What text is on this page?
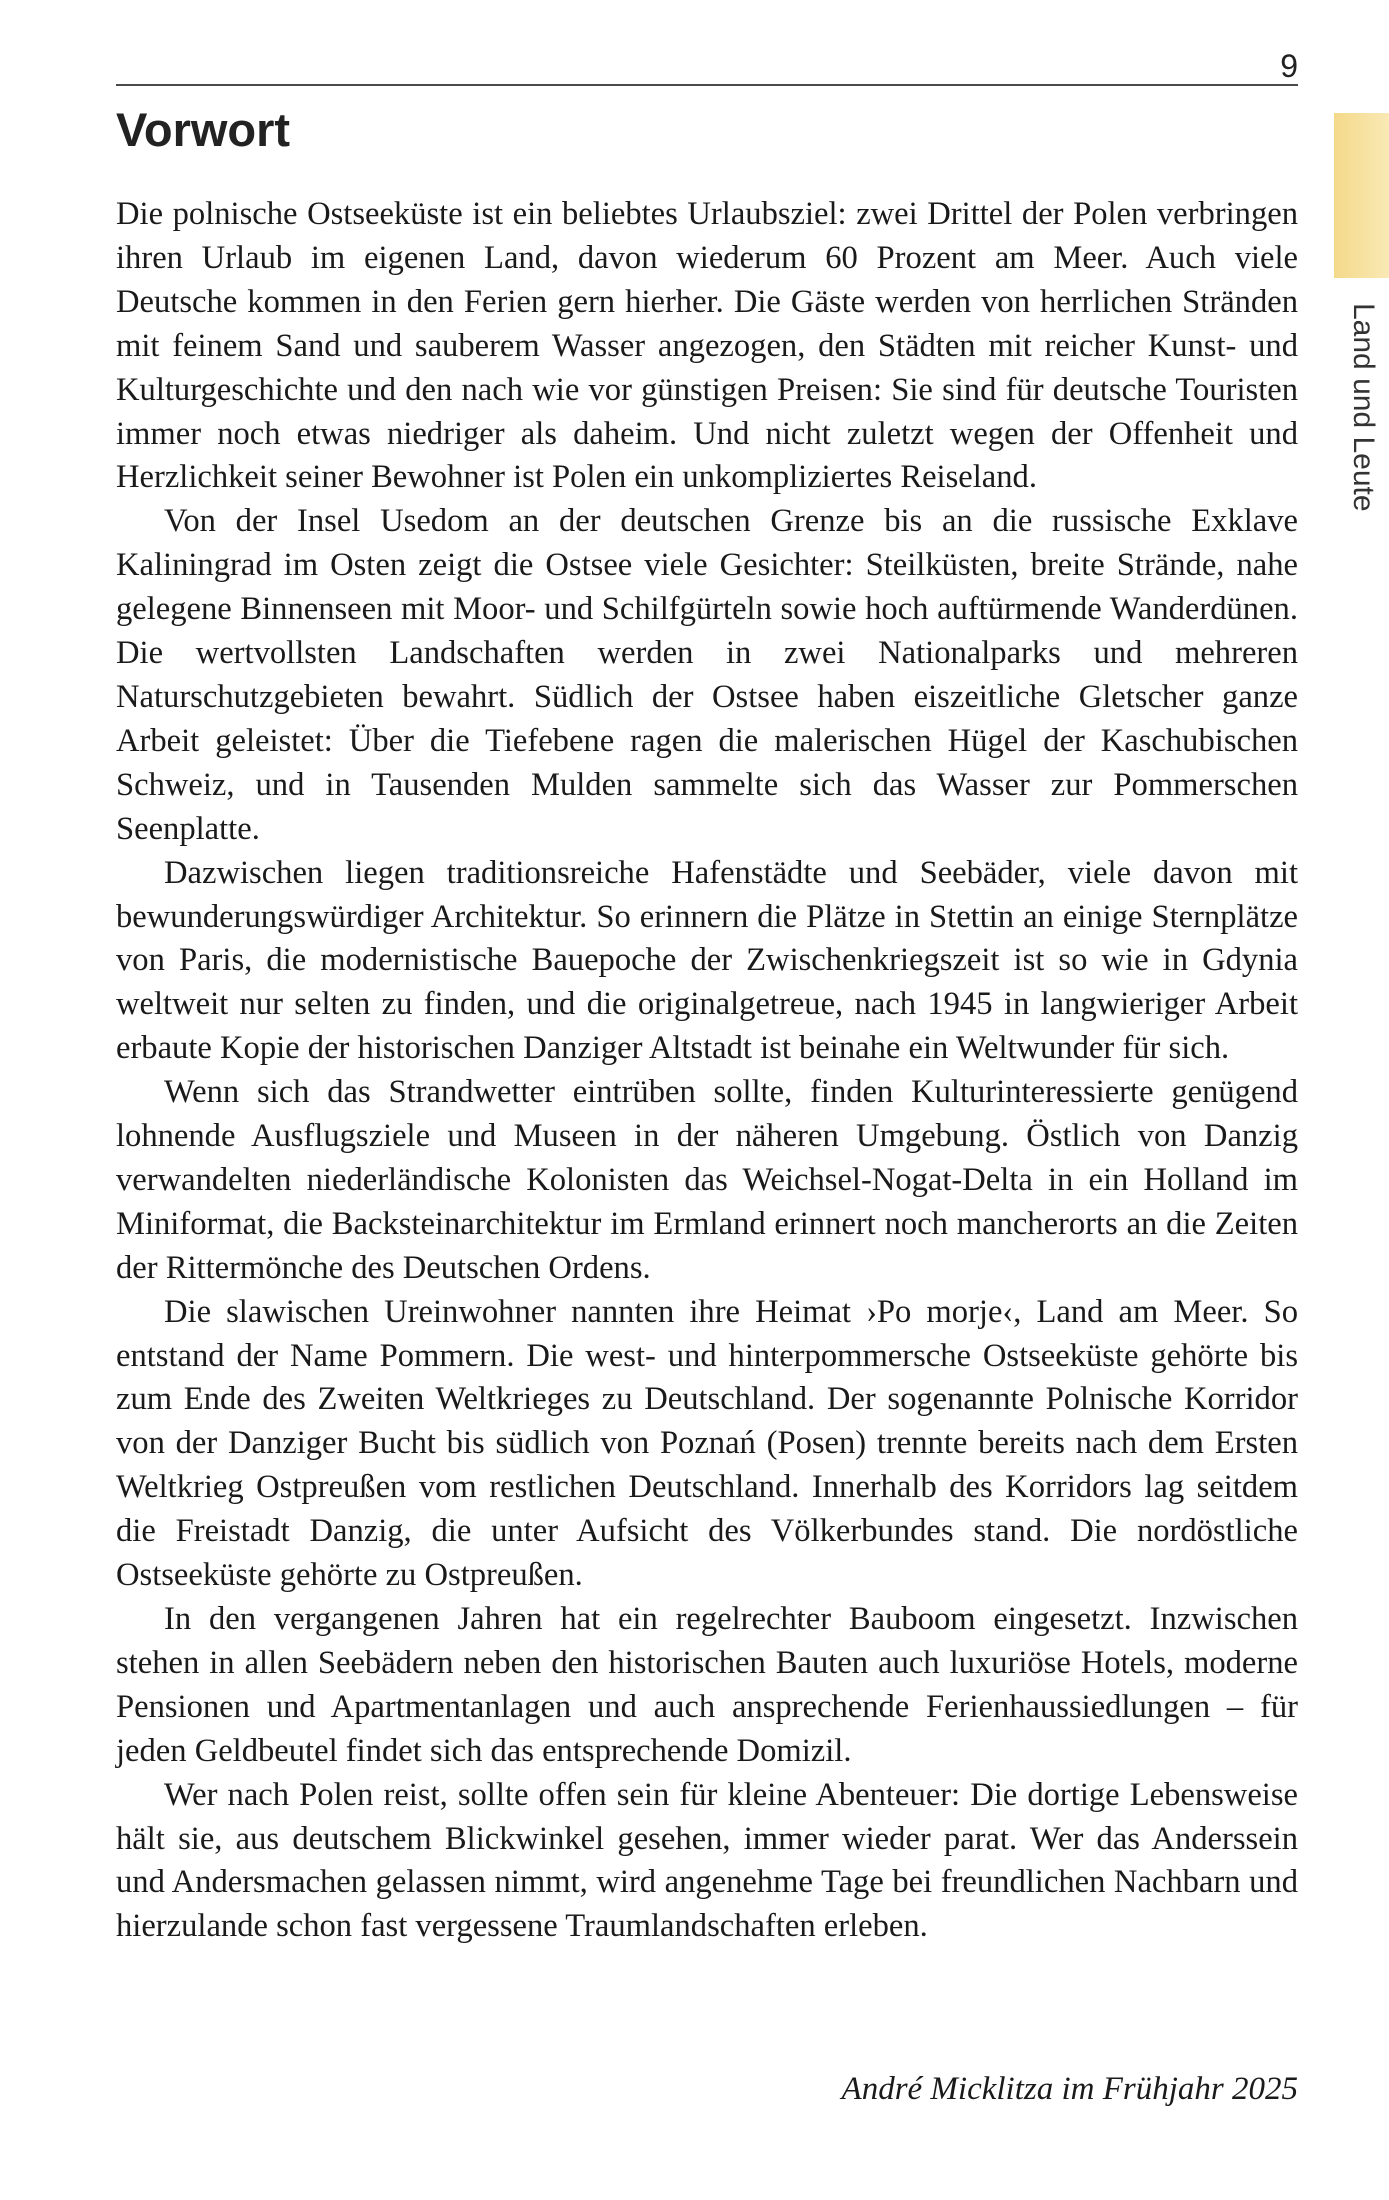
9
Vorwort
Land und Leute

Die polnische Ostseeküste ist ein beliebtes Urlaubsziel: zwei Drittel der Polen verbringen ihren Urlaub im eigenen Land, davon wiederum 60 Prozent am Meer. Auch viele Deutsche kommen in den Ferien gern hierher. Die Gäste werden von herrlichen Stränden mit feinem Sand und sauberem Wasser angezogen, den Städten mit reicher Kunst- und Kulturgeschichte und den nach wie vor günstigen Preisen: Sie sind für deutsche Touristen immer noch etwas niedriger als daheim. Und nicht zuletzt wegen der Offenheit und Herzlichkeit seiner Bewohner ist Polen ein unkompliziertes Reiseland.

Von der Insel Usedom an der deutschen Grenze bis an die russische Exklave Kaliningrad im Osten zeigt die Ostsee viele Gesichter: Steilküsten, breite Strände, nahe gelegene Binnenseen mit Moor- und Schilfgürteln sowie hoch auftürmende Wanderdünen. Die wertvollsten Landschaften werden in zwei Nationalparks und mehreren Naturschutzgebieten bewahrt. Südlich der Ostsee haben eiszeitliche Gletscher ganze Arbeit geleistet: Über die Tiefebene ragen die malerischen Hügel der Kaschubischen Schweiz, und in Tausenden Mulden sammelte sich das Wasser zur Pommerschen Seenplatte.

Dazwischen liegen traditionsreiche Hafenstädte und Seebäder, viele davon mit bewunderungswürdiger Architektur. So erinnern die Plätze in Stettin an einige Sternplätze von Paris, die modernistische Bauepoche der Zwischenkriegszeit ist so wie in Gdynia weltweit nur selten zu finden, und die originalgetreue, nach 1945 in langwieriger Arbeit erbaute Kopie der historischen Danziger Altstadt ist beinahe ein Weltwunder für sich.

Wenn sich das Strandwetter eintrüben sollte, finden Kulturinteressierte genügend lohnende Ausflugsziele und Museen in der näheren Umgebung. Östlich von Danzig verwandelten niederländische Kolonisten das Weichsel-Nogat-Delta in ein Holland im Miniformat, die Backsteinarchitektur im Ermland erinnert noch mancherorts an die Zeiten der Rittermönche des Deutschen Ordens.

Die slawischen Ureinwohner nannten ihre Heimat ›Po morje‹, Land am Meer. So entstand der Name Pommern. Die west- und hinterpommersche Ostseeküste gehörte bis zum Ende des Zweiten Weltkrieges zu Deutschland. Der sogenannte Polnische Korridor von der Danziger Bucht bis südlich von Poznań (Posen) trennte bereits nach dem Ersten Weltkrieg Ostpreußen vom restlichen Deutschland. Innerhalb des Korridors lag seitdem die Freistadt Danzig, die unter Aufsicht des Völkerbundes stand. Die nordöstliche Ostseeküste gehörte zu Ostpreußen.

In den vergangenen Jahren hat ein regelrechter Bauboom eingesetzt. Inzwischen stehen in allen Seebädern neben den historischen Bauten auch luxuriöse Hotels, moderne Pensionen und Apartmentanlagen und auch ansprechende Ferienhaussiedlungen – für jeden Geldbeutel findet sich das entsprechende Domizil.

Wer nach Polen reist, sollte offen sein für kleine Abenteuer: Die dortige Lebensweise hält sie, aus deutschem Blickwinkel gesehen, immer wieder parat. Wer das Anderssein und Andersmachen gelassen nimmt, wird angenehme Tage bei freundlichen Nachbarn und hierzulande schon fast vergessene Traumlandschaften erleben.

André Micklitza im Frühjahr 2025
